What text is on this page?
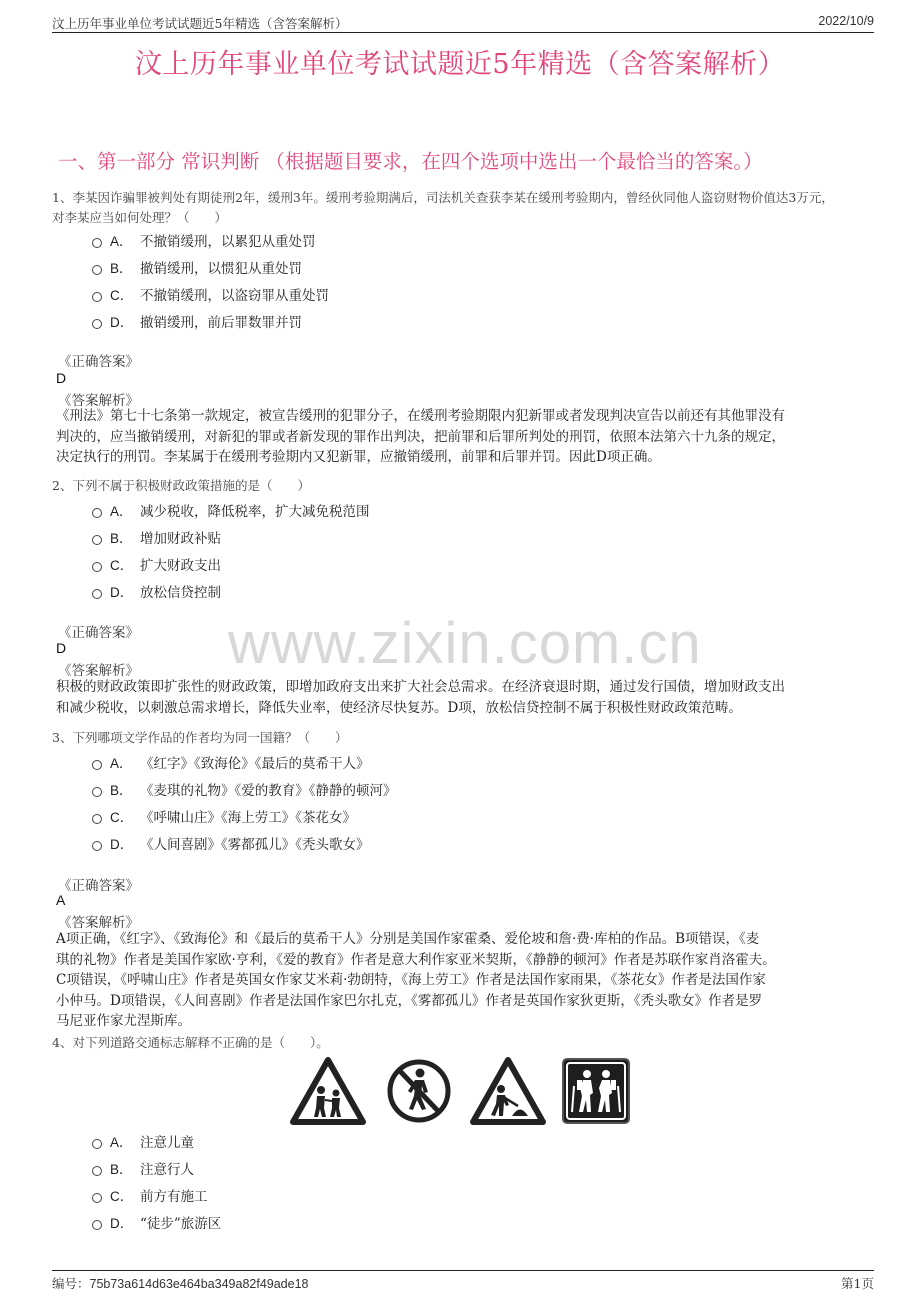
汶上历年事业单位考试试题近5年精选（含答案解析）	2022/10/9
汶上历年事业单位考试试题近5年精选（含答案解析）
一、第一部分 常识判断 （根据题目要求，在四个选项中选出一个最恰当的答案。）
www.zixin.com.cn
1、李某因诈骗罪被判处有期徒刑2年，缓刑3年。缓刑考验期满后，司法机关查获李某在缓刑考验期内，曾经伙同他人盗窃财物价值达3万元，
对李某应当如何处理？（　　）
A． 不撤销缓刑，以累犯从重处罚
B． 撤销缓刑，以惯犯从重处罚
C． 不撤销缓刑，以盗窃罪从重处罚
D． 撤销缓刑，前后罪数罪并罚
《正确答案》
D
《答案解析》
《刑法》第七十七条第一款规定，被宣告缓刑的犯罪分子，在缓刑考验期限内犯新罪或者发现判决宣告以前还有其他罪没有
判决的，应当撤销缓刑，对新犯的罪或者新发现的罪作出判决，把前罪和后罪所判处的刑罚，依照本法第六十九条的规定，
决定执行的刑罚。李某属于在缓刑考验期内又犯新罪，应撤销缓刑，前罪和后罪并罚。因此D项正确。
2、下列不属于积极财政政策措施的是（　　）
A． 减少税收，降低税率，扩大减免税范围
B． 增加财政补贴
C． 扩大财政支出
D． 放松信贷控制
《正确答案》
D
《答案解析》
积极的财政政策即扩张性的财政政策，即增加政府支出来扩大社会总需求。在经济衰退时期，通过发行国债，增加财政支出
和减少税收，以刺激总需求增长，降低失业率，使经济尽快复苏。D项，放松信贷控制不属于积极性财政政策范畴。
3、下列哪项文学作品的作者均为同一国籍？（　　）
A． 《红字》《致海伦》《最后的莫希干人》
B． 《麦琪的礼物》《爱的教育》《静静的顿河》
C． 《呼啸山庄》《海上劳工》《茶花女》
D． 《人间喜剧》《雾都孤儿》《秃头歌女》
《正确答案》
A
《答案解析》
A项正确，《红字》、《致海伦》和《最后的莫希干人》分别是美国作家霍桑、爱伦坡和詹·费·库柏的作品。B项错误，《麦
琪的礼物》作者是美国作家欧·亨利，《爱的教育》作者是意大利作家亚米契斯，《静静的顿河》作者是苏联作家肖洛霍夫。
C项错误，《呼啸山庄》作者是英国女作家艾米莉·勃朗特，《海上劳工》作者是法国作家雨果，《茶花女》作者是法国作家
小仲马。D项错误，《人间喜剧》作者是法国作家巴尔扎克，《雾都孤儿》作者是英国作家狄更斯，《秃头歌女》作者是罗
马尼亚作家尤涅斯库。
4、对下列道路交通标志解释不正确的是（　　）。
A． 注意儿童
B． 注意行人
C． 前方有施工
D． “徒步”旅游区
编号：75b73a614d63e464ba349a82f49ade18	第1页
